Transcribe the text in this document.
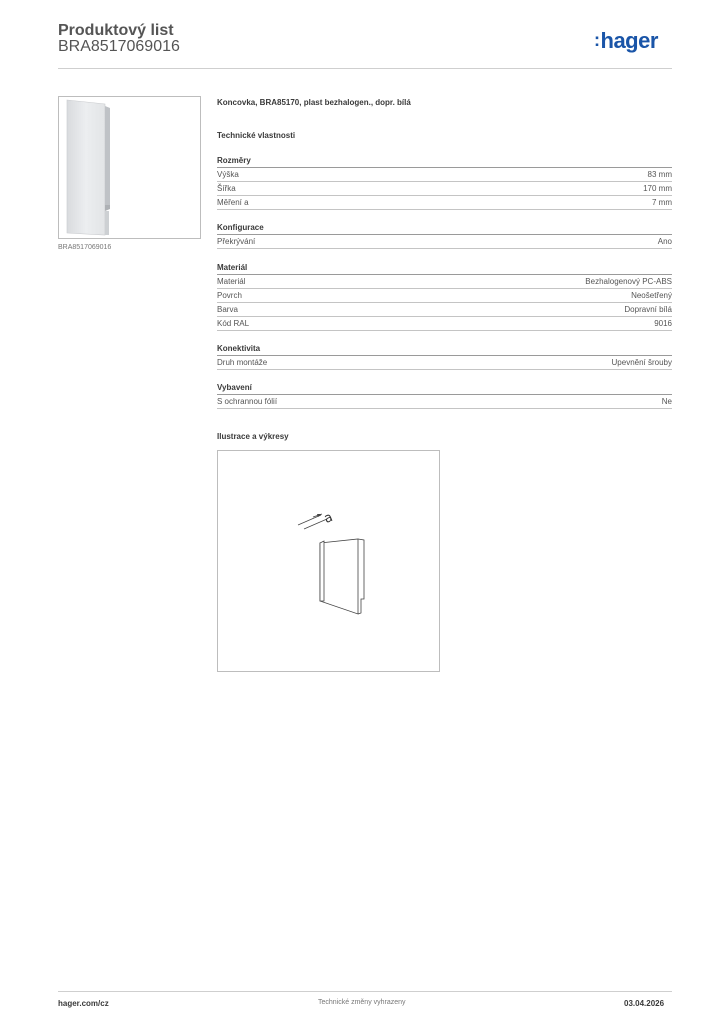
Produktový list
BRA8517069016	:hager
BRA8517069016
Koncovka, BRA85170, plast bezhalogen., dopr. bílá
Technické vlastnosti
Rozměry
Výška	83 mm
Šířka	170 mm
Měření a	7 mm
Konfigurace
Překrývání	Ano
Materiál
Materiál	Bezhalogenový PC-ABS
Povrch	Neošetřený
Barva	Dopravní bílá
Kód RAL	9016
Konektivita
Druh montáže	Upevnění šrouby
Vybavení
S ochrannou fólií	Ne
Ilustrace a výkresy
a
hager.com/cz	Technické změny vyhrazeny	03.04.2026
